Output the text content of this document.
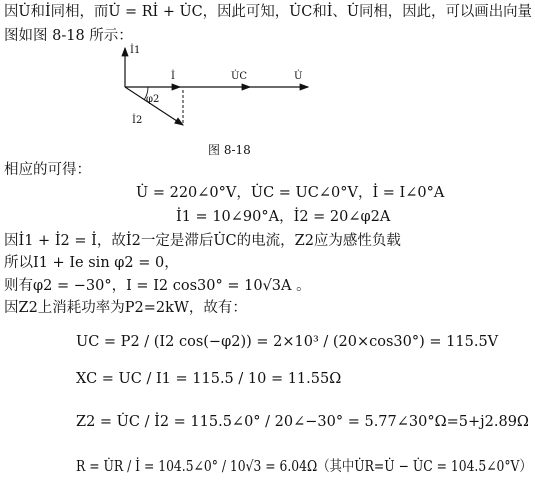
因U̇和İ同相，而U̇ = Rİ + U̇C，因此可知，U̇C和İ、U̇同相，因此，可以画出向量
图如图 8-18 所示：
İ1
İ	U̇C	U̇
φ2
İ2
图 8-18
相应的可得：
U̇ = 220∠0°V，U̇C = UC∠0°V，İ = I∠0°A
İ1 = 10∠90°A，İ2 = 20∠φ2A
因İ1 + İ2 = İ，故İ2一定是滞后U̇C的电流，Z2应为感性负载
所以I1 + Ie sin φ2 = 0，
则有φ2 = −30°，I = I2 cos30° = 10√3A 。
因Z2上消耗功率为P2=2kW，故有：
UC = P2 / (I2 cos(−φ2)) = 2×10³ / (20×cos30°) = 115.5V
XC = UC / I1 = 115.5 / 10 = 11.55Ω
Z2 = U̇C / İ2 = 115.5∠0° / 20∠−30° = 5.77∠30°Ω=5+j2.89Ω
R = U̇R / İ = 104.5∠0° / 10√3 = 6.04Ω（其中U̇R=U̇ − U̇C = 104.5∠0°V）
